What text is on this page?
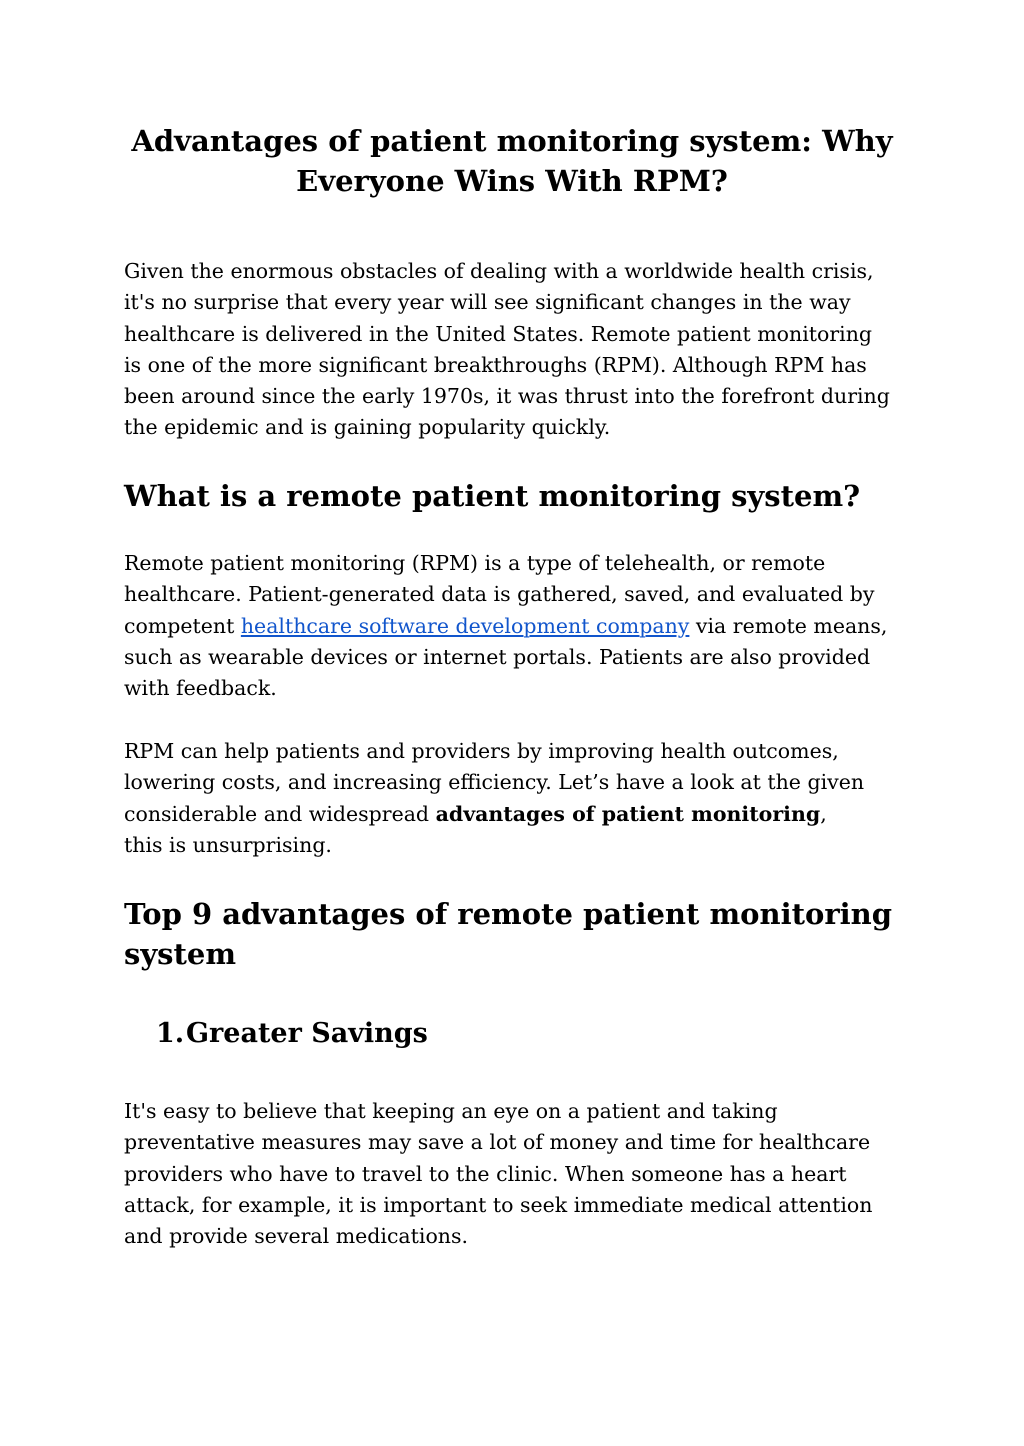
Advantages of patient monitoring system: Why
Everyone Wins With RPM?

Given the enormous obstacles of dealing with a worldwide health crisis,
it's no surprise that every year will see significant changes in the way
healthcare is delivered in the United States. Remote patient monitoring
is one of the more significant breakthroughs (RPM). Although RPM has
been around since the early 1970s, it was thrust into the forefront during
the epidemic and is gaining popularity quickly.

What is a remote patient monitoring system?

Remote patient monitoring (RPM) is a type of telehealth, or remote
healthcare. Patient-generated data is gathered, saved, and evaluated by
competent healthcare software development company via remote means,
such as wearable devices or internet portals. Patients are also provided
with feedback.

RPM can help patients and providers by improving health outcomes,
lowering costs, and increasing efficiency. Let’s have a look at the given
considerable and widespread advantages of patient monitoring,
this is unsurprising.

Top 9 advantages of remote patient monitoring
system
1.Greater Savings

It's easy to believe that keeping an eye on a patient and taking
preventative measures may save a lot of money and time for healthcare
providers who have to travel to the clinic. When someone has a heart
attack, for example, it is important to seek immediate medical attention
and provide several medications.
